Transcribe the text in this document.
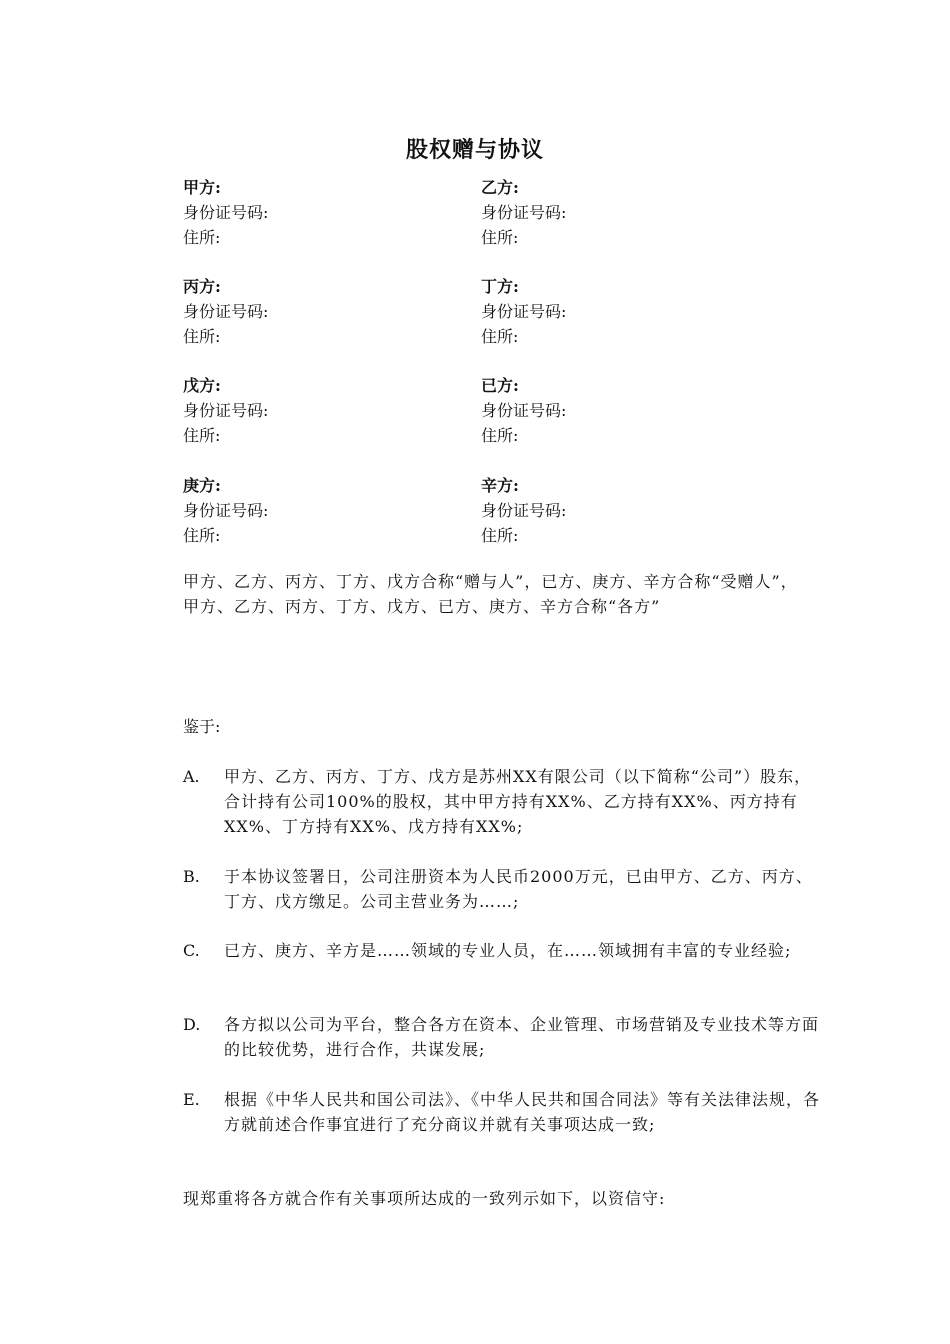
股权赠与协议
甲方:
身份证号码:
住所:
乙方:
身份证号码:
住所:
丙方:
身份证号码:
住所:
丁方:
身份证号码:
住所:
戊方:
身份证号码:
住所:
已方:
身份证号码:
住所:
庚方:
身份证号码:
住所:
辛方:
身份证号码:
住所:
甲方、乙方、丙方、丁方、戊方合称“赠与人”，已方、庚方、辛方合称“受赠人”，甲方、乙方、丙方、丁方、戊方、已方、庚方、辛方合称“各方”
鉴于:
A.	甲方、乙方、丙方、丁方、戊方是苏州XX有限公司（以下简称“公司”）股东，合计持有公司100%的股权，其中甲方持有XX%、乙方持有XX%、丙方持有XX%、丁方持有XX%、戊方持有XX%;
B.	于本协议签署日，公司注册资本为人民币2000万元，已由甲方、乙方、丙方、丁方、戊方缴足。公司主营业务为……;
C.	已方、庚方、辛方是……领域的专业人员，在……领域拥有丰富的专业经验;
D.	各方拟以公司为平台，整合各方在资本、企业管理、市场营销及专业技术等方面的比较优势，进行合作，共谋发展;
E.	根据《中华人民共和国公司法》、《中华人民共和国合同法》等有关法律法规，各方就前述合作事宜进行了充分商议并就有关事项达成一致;
现郑重将各方就合作有关事项所达成的一致列示如下，以资信守:
